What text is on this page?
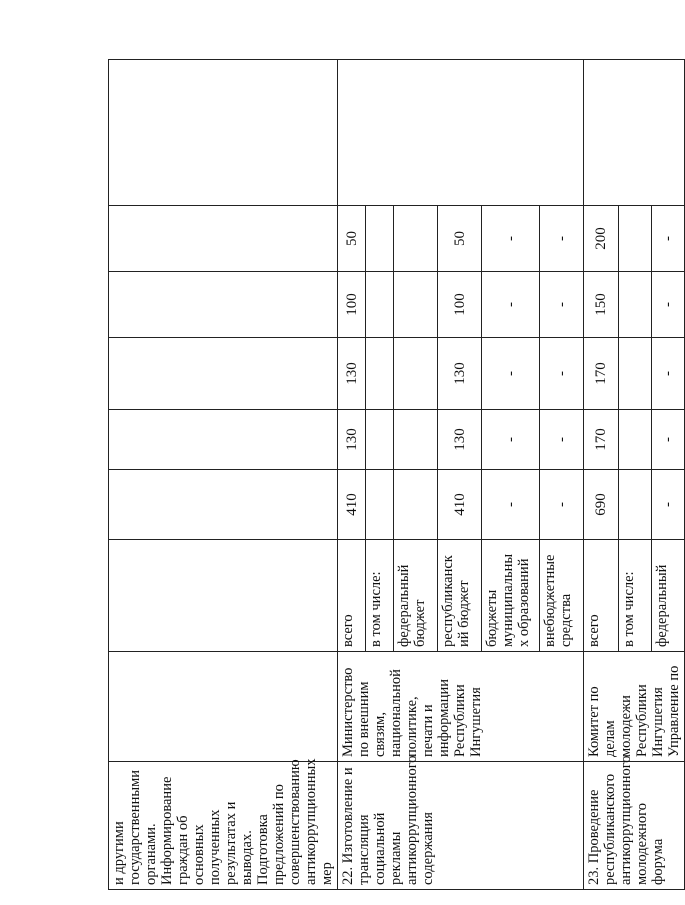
и другими государственными органами. Информирование граждан об основных полученных результатах и выводах. Подготовка предложений по совершенствованию антикоррупционных мер								

22. Изготовление и трансляция социальной рекламы антикоррупционного содержания	Министерство по внешним связям, национальной политике, печати и информации Республики Ингушетия	всего	410	130	130	100	50	
		в том числе:						
		федеральный бюджет						
		республиканск ий бюджет	410	130	130	100	50	
		бюджеты муниципальны х образований	-	-	-	-	-	
		внебюджетные средства	-	-	-	-	-	

23. Проведение республиканского антикоррупционного молодежного форума	Комитет по делам молодежи Республики Ингушетия Управление по	всего	690	170	170	150	200	
		в том числе:						
		федеральный	-	-	-	-	-	
